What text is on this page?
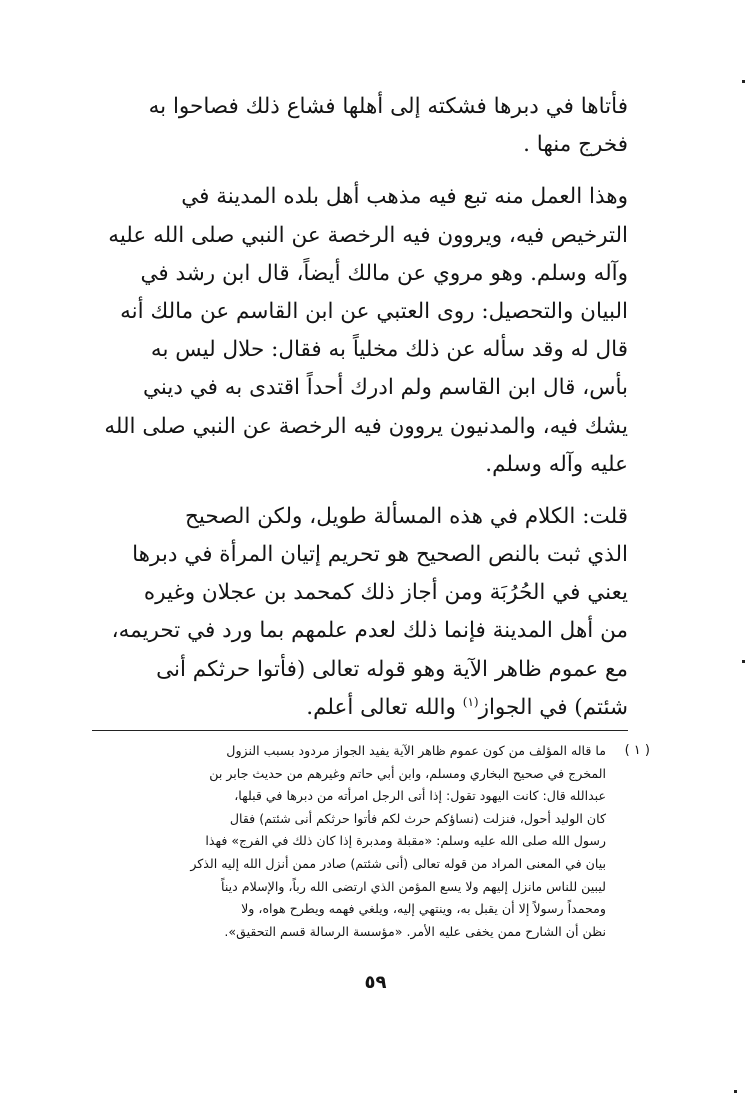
فأتاها في دبرها فشكته إلى أهلها فشاع ذلك فصاحوا به
فخرج منها .
وهذا العمل منه تبع فيه مذهب أهل بلده المدينة في
الترخيص فيه، ويروون فيه الرخصة عن النبي صلى الله عليه
وآله وسلم. وهو مروي عن مالك أيضاً، قال ابن رشد في
البيان والتحصيل: روى العتبي عن ابن القاسم عن مالك أنه
قال له وقد سأله عن ذلك مخلياً به فقال: حلال ليس به
بأس، قال ابن القاسم ولم ادرك أحداً اقتدى به في ديني
يشك فيه، والمدنيون يروون فيه الرخصة عن النبي صلى الله
عليه وآله وسلم.
قلت: الكلام في هذه المسألة طويل، ولكن الصحيح
الذي ثبت بالنص الصحيح هو تحريم إتيان المرأة في دبرها
يعني في الحُرُبَة ومن أجاز ذلك كمحمد بن عجلان وغيره
من أهل المدينة فإنما ذلك لعدم علمهم بما ورد في تحريمه،
مع عموم ظاهر الآية وهو قوله تعالى (فأتوا حرثكم أنى
شئتم) في الجواز$^{(١)}$ والله تعالى أعلم.
( ١ )
ما قاله المؤلف من كون عموم ظاهر الآية يفيد الجواز مردود بسبب النزول
المخرج في صحيح البخاري ومسلم، وابن أبي حاتم وغيرهم من حديث جابر بن
عبدالله قال: كانت اليهود تقول: إذا أتى الرجل امرأته من دبرها في قبلها،
كان الوليد أحول، فنزلت (نساؤكم حرث لكم فأتوا حرثكم أنى شئتم) فقال
رسول الله صلى الله عليه وسلم: «مقبلة ومدبرة إذا كان ذلك في الفرج» فهذا
بيان في المعنى المراد من قوله تعالى (أنى شئتم) صادر ممن أنزل الله إليه الذكر
ليبين للناس مانزل إليهم ولا يسع المؤمن الذي ارتضى الله رباً، والإسلام ديناً
ومحمداً رسولاً إلا أن يقبل به، وينتهي إليه، ويلغي فهمه ويطرح هواه، ولا
نظن أن الشارح ممن يخفى عليه الأمر. «مؤسسة الرسالة قسم التحقيق».
٥٩
